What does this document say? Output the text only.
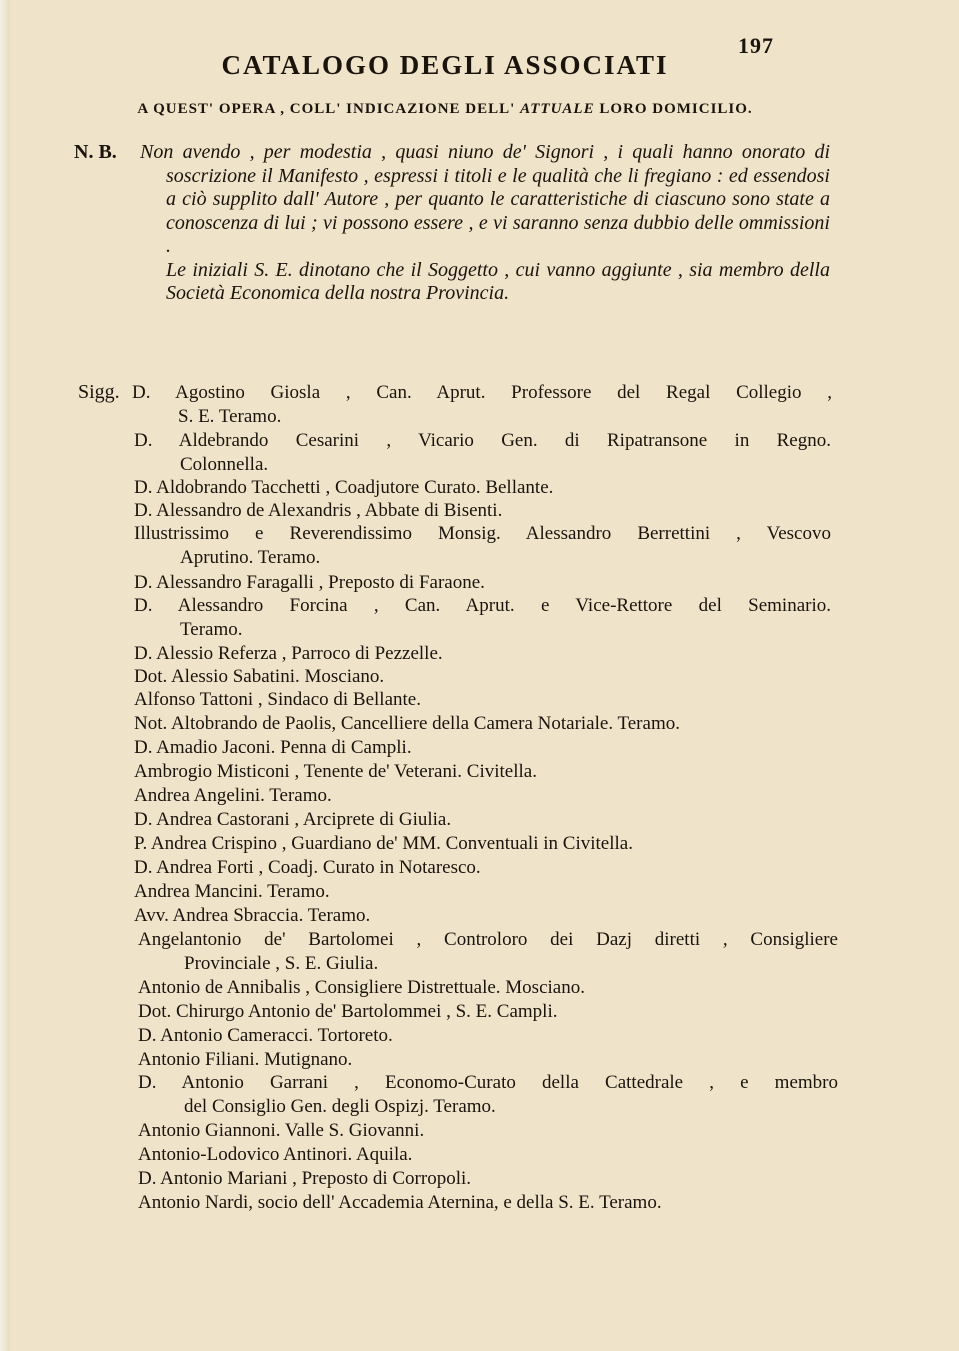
197
CATALOGO DEGLI ASSOCIATI
A QUEST' OPERA , COLL' INDICAZIONE DELL' ATTUALE LORO DOMICILIO.
N. B. Non avendo , per modestia , quasi niuno de' Signori , i quali hanno onorato di soscrizione il Manifesto , espressi i titoli e le qualità che li fregiano : ed essendosi a ciò supplito dall' Autore , per quanto le caratteristiche di ciascuno sono state a conoscenza di lui ; vi possono essere , e vi saranno senza dubbio delle ommissioni .

Le iniziali S. E. dinotano che il Soggetto , cui vanno aggiunte , sia membro della Società Economica della nostra Provincia.

Sigg. D. Agostino Giosla , Can. Aprut. Professore del Regal Collegio ,
S. E. Teramo.
D. Aldebrando Cesarini , Vicario Gen. di Ripatransone in Regno.
Colonnella.
D. Aldobrando Tacchetti , Coadjutore Curato. Bellante.
D. Alessandro de Alexandris , Abbate di Bisenti.
Illustrissimo e Reverendissimo Monsig. Alessandro Berrettini , Vescovo
Aprutino. Teramo.
D. Alessandro Faragalli , Preposto di Faraone.
D. Alessandro Forcina , Can. Aprut. e Vice-Rettore del Seminario.
Teramo.
D. Alessio Referza , Parroco di Pezzelle.
Dot. Alessio Sabatini. Mosciano.
Alfonso Tattoni , Sindaco di Bellante.
Not. Altobrando de Paolis, Cancelliere della Camera Notariale. Teramo.
D. Amadio Jaconi. Penna di Campli.
Ambrogio Misticoni , Tenente de' Veterani. Civitella.
Andrea Angelini. Teramo.
D. Andrea Castorani , Arciprete di Giulia.
P. Andrea Crispino , Guardiano de' MM. Conventuali in Civitella.
D. Andrea Forti , Coadj. Curato in Notaresco.
Andrea Mancini. Teramo.
Avv. Andrea Sbraccia. Teramo.
Angelantonio de' Bartolomei , Controloro dei Dazj diretti , Consigliere
Provinciale , S. E. Giulia.
Antonio de Annibalis , Consigliere Distrettuale. Mosciano.
Dot. Chirurgo Antonio de' Bartolommei , S. E. Campli.
D. Antonio Cameracci. Tortoreto.
Antonio Filiani. Mutignano.
D. Antonio Garrani , Economo-Curato della Cattedrale , e membro
del Consiglio Gen. degli Ospizj. Teramo.
Antonio Giannoni. Valle S. Giovanni.
Antonio-Lodovico Antinori. Aquila.
D. Antonio Mariani , Preposto di Corropoli.
Antonio Nardi, socio dell' Accademia Aternina, e della S. E. Teramo.
